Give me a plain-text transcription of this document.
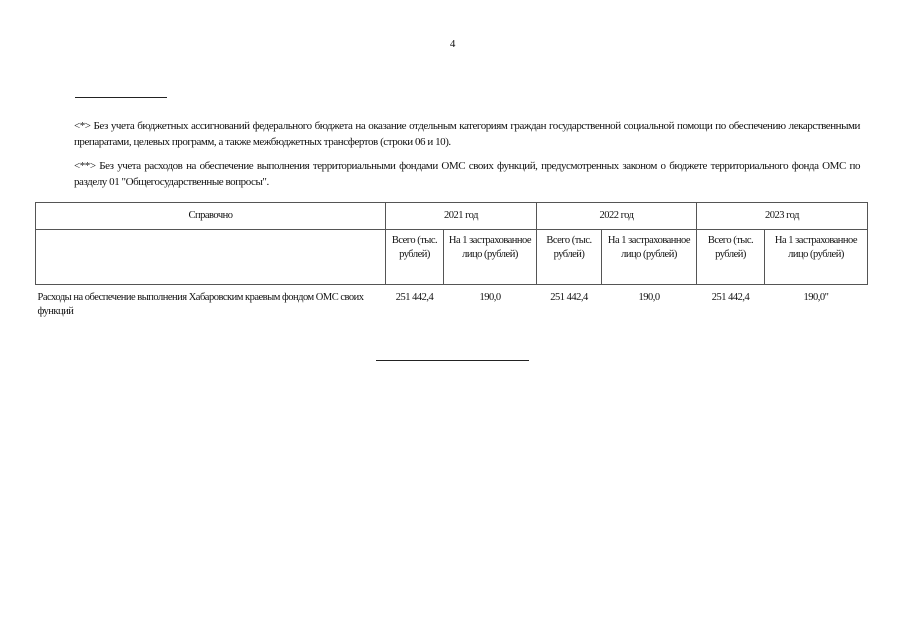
4

<*> Без учета бюджетных ассигнований федерального бюджета на оказание отдельным категориям граждан государственной социальной помощи по обеспечению лекарственными препаратами, целевых программ, а также межбюджетных трансфертов (строки 06 и 10).

<**> Без учета расходов на обеспечение выполнения территориальными фондами ОМС своих функций, предусмотренных законом о бюджете территориального фонда ОМС по разделу 01 "Общегосударственные вопросы".

Справочно	2021 год		2022 год		2023 год	
	Всего (тыс. рублей)	На 1 застрахованное лицо (рублей)	Всего (тыс. рублей)	На 1 застрахованное лицо (рублей)	Всего (тыс. рублей)	На 1 застрахованное лицо (рублей)
Расходы на обеспечение выполнения Хабаровским краевым фондом ОМС своих функций	251 442,4	190,0	251 442,4	190,0	251 442,4	190,0"
